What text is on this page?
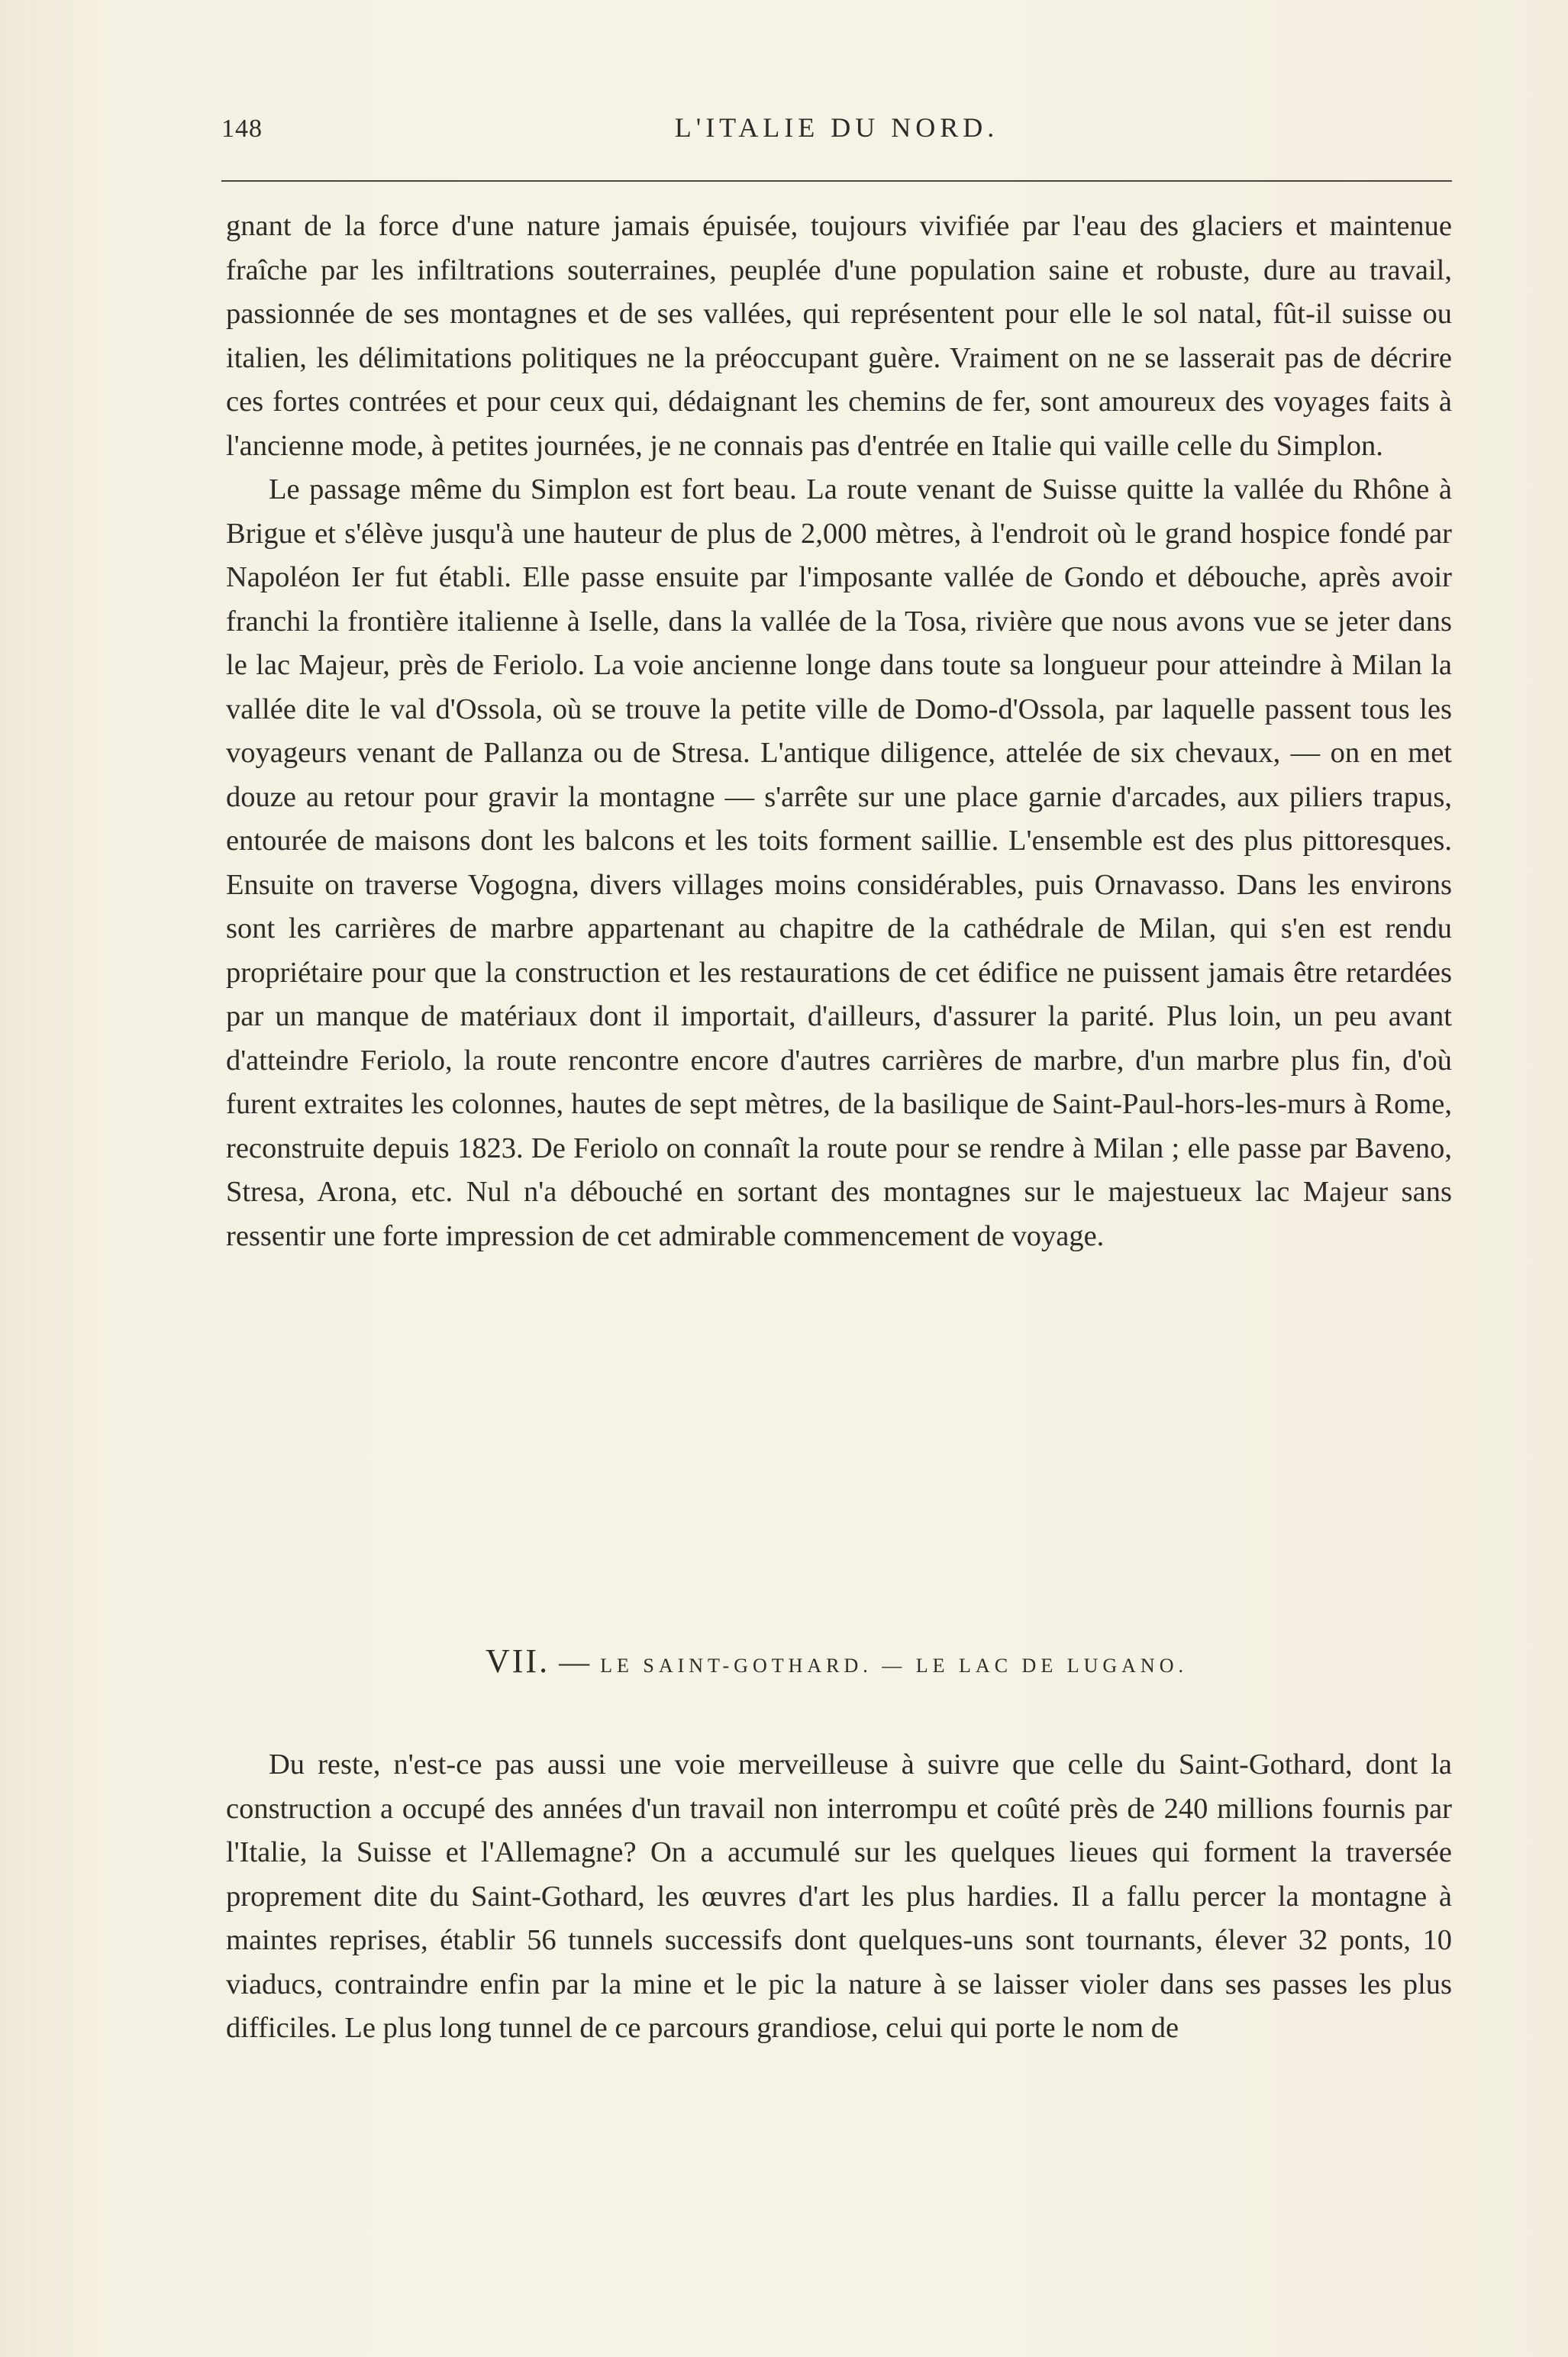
148	L'ITALIE DU NORD.

gnant de la force d'une nature jamais épuisée, toujours vivifiée par l'eau des glaciers et maintenue fraîche par les infiltrations souterraines, peuplée d'une population saine et robuste, dure au travail, passionnée de ses montagnes et de ses vallées, qui représentent pour elle le sol natal, fût-il suisse ou italien, les délimitations politiques ne la préoccupant guère. Vraiment on ne se lasserait pas de décrire ces fortes contrées et pour ceux qui, dédaignant les chemins de fer, sont amoureux des voyages faits à l'ancienne mode, à petites journées, je ne connais pas d'entrée en Italie qui vaille celle du Simplon.

Le passage même du Simplon est fort beau. La route venant de Suisse quitte la vallée du Rhône à Brigue et s'élève jusqu'à une hauteur de plus de 2,000 mètres, à l'endroit où le grand hospice fondé par Napoléon Ier fut établi. Elle passe ensuite par l'imposante vallée de Gondo et débouche, après avoir franchi la frontière italienne à Iselle, dans la vallée de la Tosa, rivière que nous avons vue se jeter dans le lac Majeur, près de Feriolo. La voie ancienne longe dans toute sa longueur pour atteindre à Milan la vallée dite le val d'Ossola, où se trouve la petite ville de Domo-d'Ossola, par laquelle passent tous les voyageurs venant de Pallanza ou de Stresa. L'antique diligence, attelée de six chevaux, — on en met douze au retour pour gravir la montagne — s'arrête sur une place garnie d'arcades, aux piliers trapus, entourée de maisons dont les balcons et les toits forment saillie. L'ensemble est des plus pittoresques. Ensuite on traverse Vogogna, divers villages moins considérables, puis Ornavasso. Dans les environs sont les carrières de marbre appartenant au chapitre de la cathédrale de Milan, qui s'en est rendu propriétaire pour que la construction et les restaurations de cet édifice ne puissent jamais être retardées par un manque de matériaux dont il importait, d'ailleurs, d'assurer la parité. Plus loin, un peu avant d'atteindre Feriolo, la route rencontre encore d'autres carrières de marbre, d'un marbre plus fin, d'où furent extraites les colonnes, hautes de sept mètres, de la basilique de Saint-Paul-hors-les-murs à Rome, reconstruite depuis 1823. De Feriolo on connaît la route pour se rendre à Milan ; elle passe par Baveno, Stresa, Arona, etc. Nul n'a débouché en sortant des montagnes sur le majestueux lac Majeur sans ressentir une forte impression de cet admirable commencement de voyage.

VII. — LE SAINT-GOTHARD. — LE LAC DE LUGANO.

Du reste, n'est-ce pas aussi une voie merveilleuse à suivre que celle du Saint-Gothard, dont la construction a occupé des années d'un travail non interrompu et coûté près de 240 millions fournis par l'Italie, la Suisse et l'Allemagne? On a accumulé sur les quelques lieues qui forment la traversée proprement dite du Saint-Gothard, les œuvres d'art les plus hardies. Il a fallu percer la montagne à maintes reprises, établir 56 tunnels successifs dont quelques-uns sont tournants, élever 32 ponts, 10 viaducs, contraindre enfin par la mine et le pic la nature à se laisser violer dans ses passes les plus difficiles. Le plus long tunnel de ce parcours grandiose, celui qui porte le nom de
